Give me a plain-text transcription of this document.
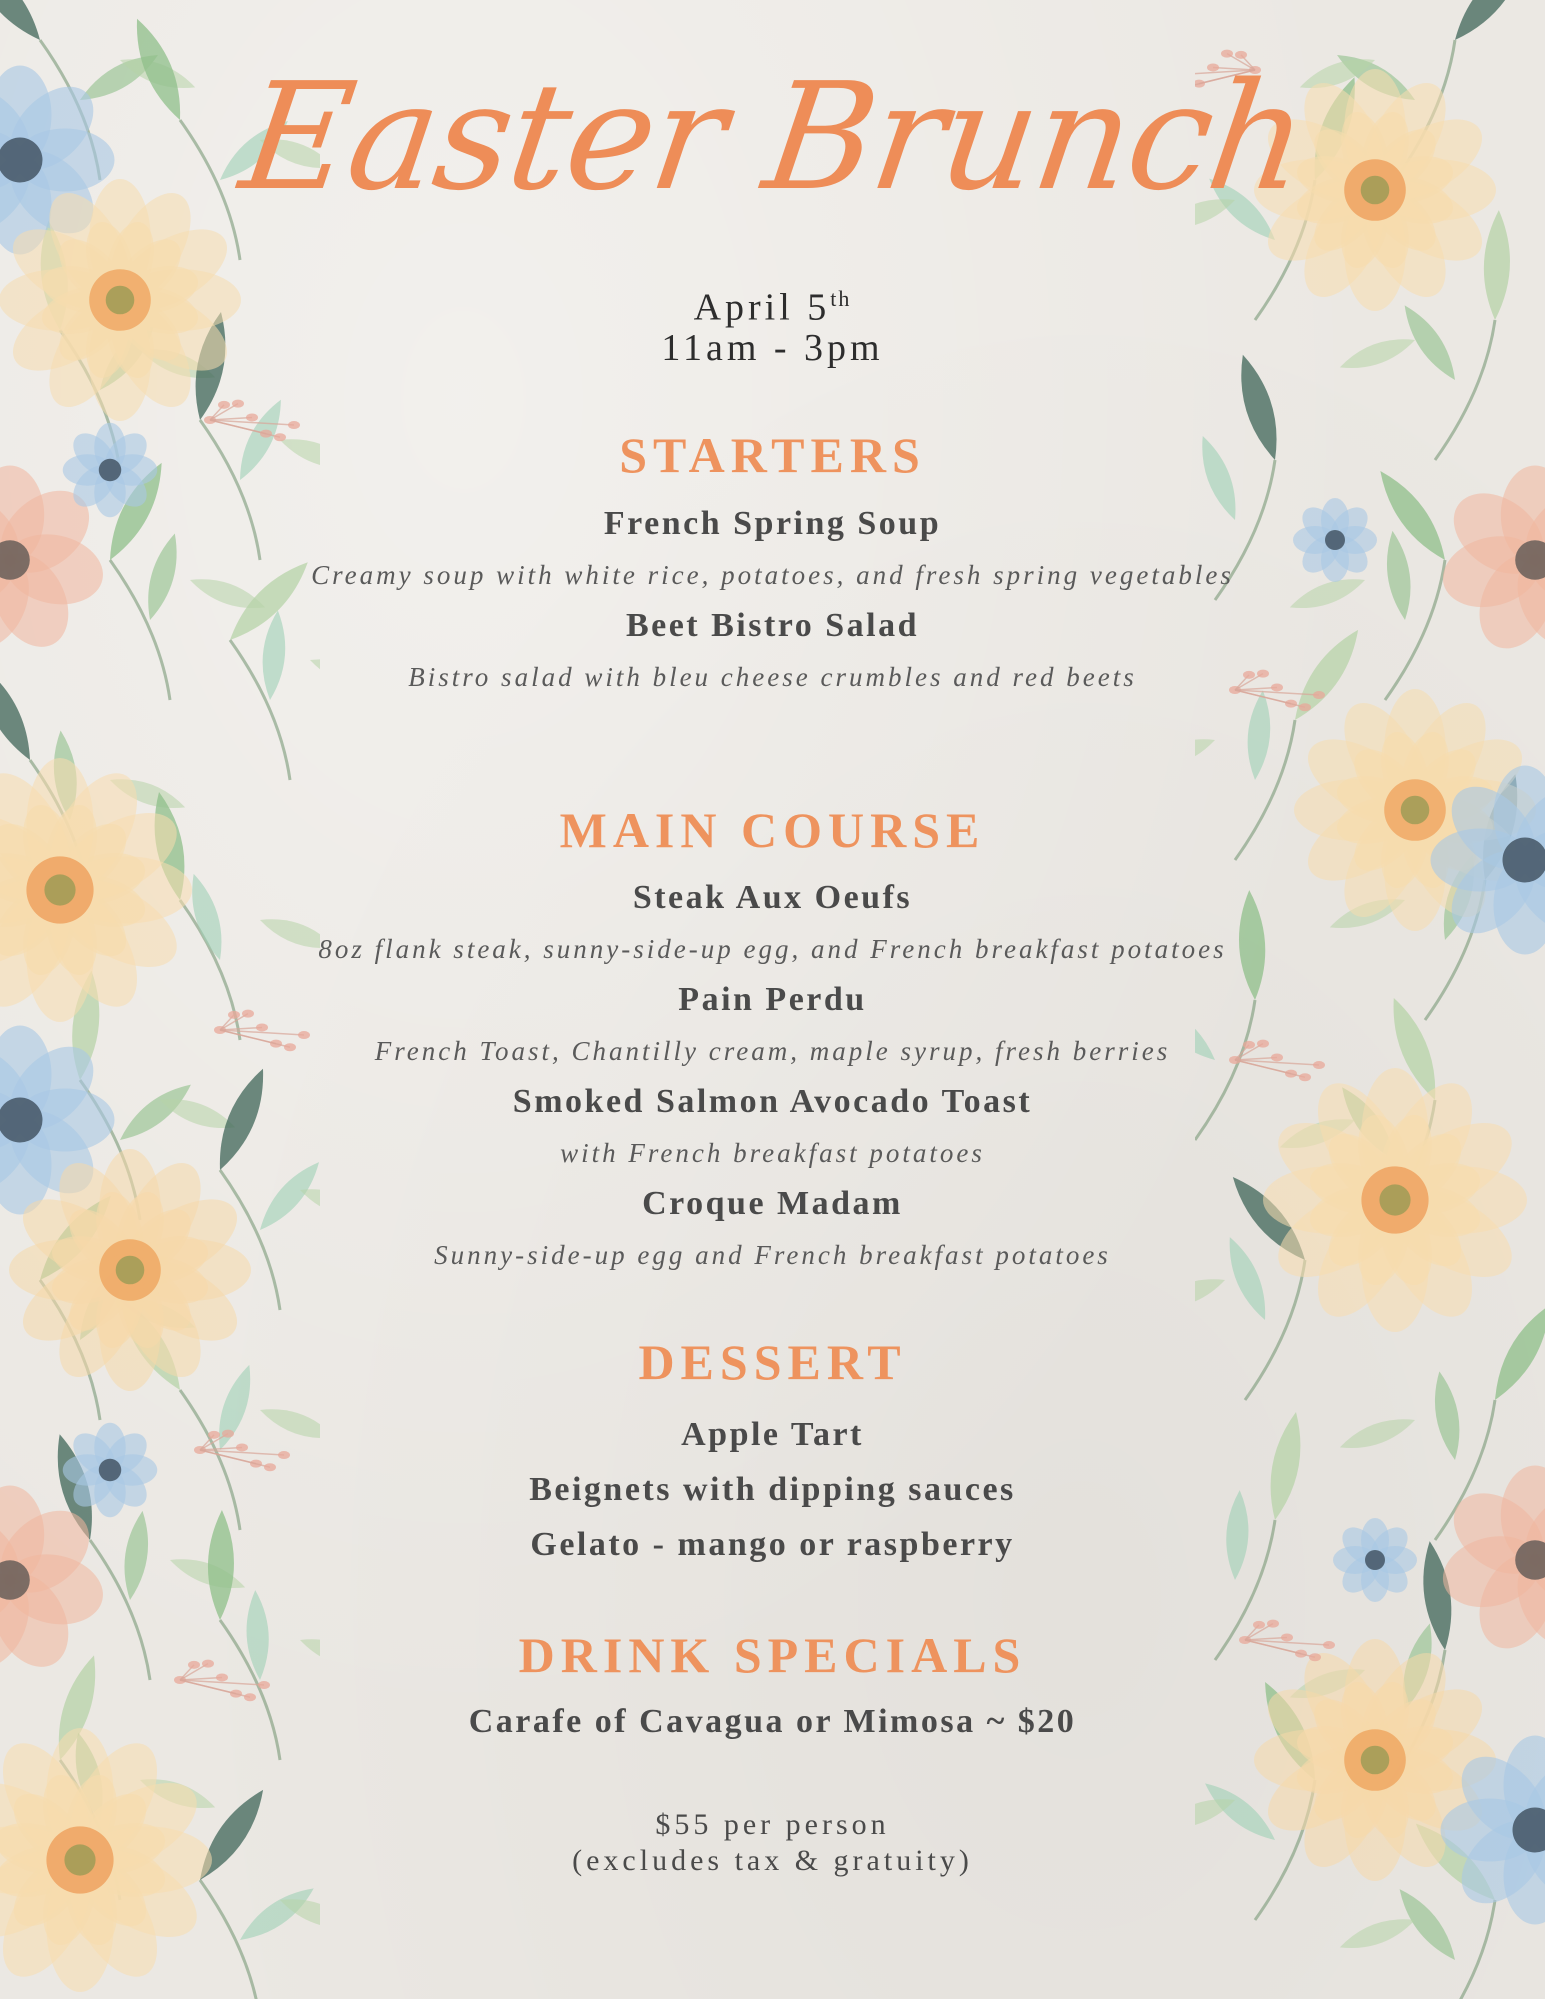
Easter Brunch
April 5th
11am - 3pm
STARTERS
French Spring Soup
Creamy soup with white rice, potatoes, and fresh spring vegetables
Beet Bistro Salad
Bistro salad with bleu cheese crumbles and red beets
MAIN COURSE
Steak Aux Oeufs
8oz flank steak, sunny-side-up egg, and French breakfast potatoes
Pain Perdu
French Toast, Chantilly cream, maple syrup, fresh berries
Smoked Salmon Avocado Toast
with French breakfast potatoes
Croque Madam
Sunny-side-up egg and French breakfast potatoes
DESSERT
Apple Tart
Beignets with dipping sauces
Gelato - mango or raspberry
DRINK SPECIALS
Carafe of Cavagua or Mimosa ~ $20
$55 per person
(excludes tax & gratuity)
